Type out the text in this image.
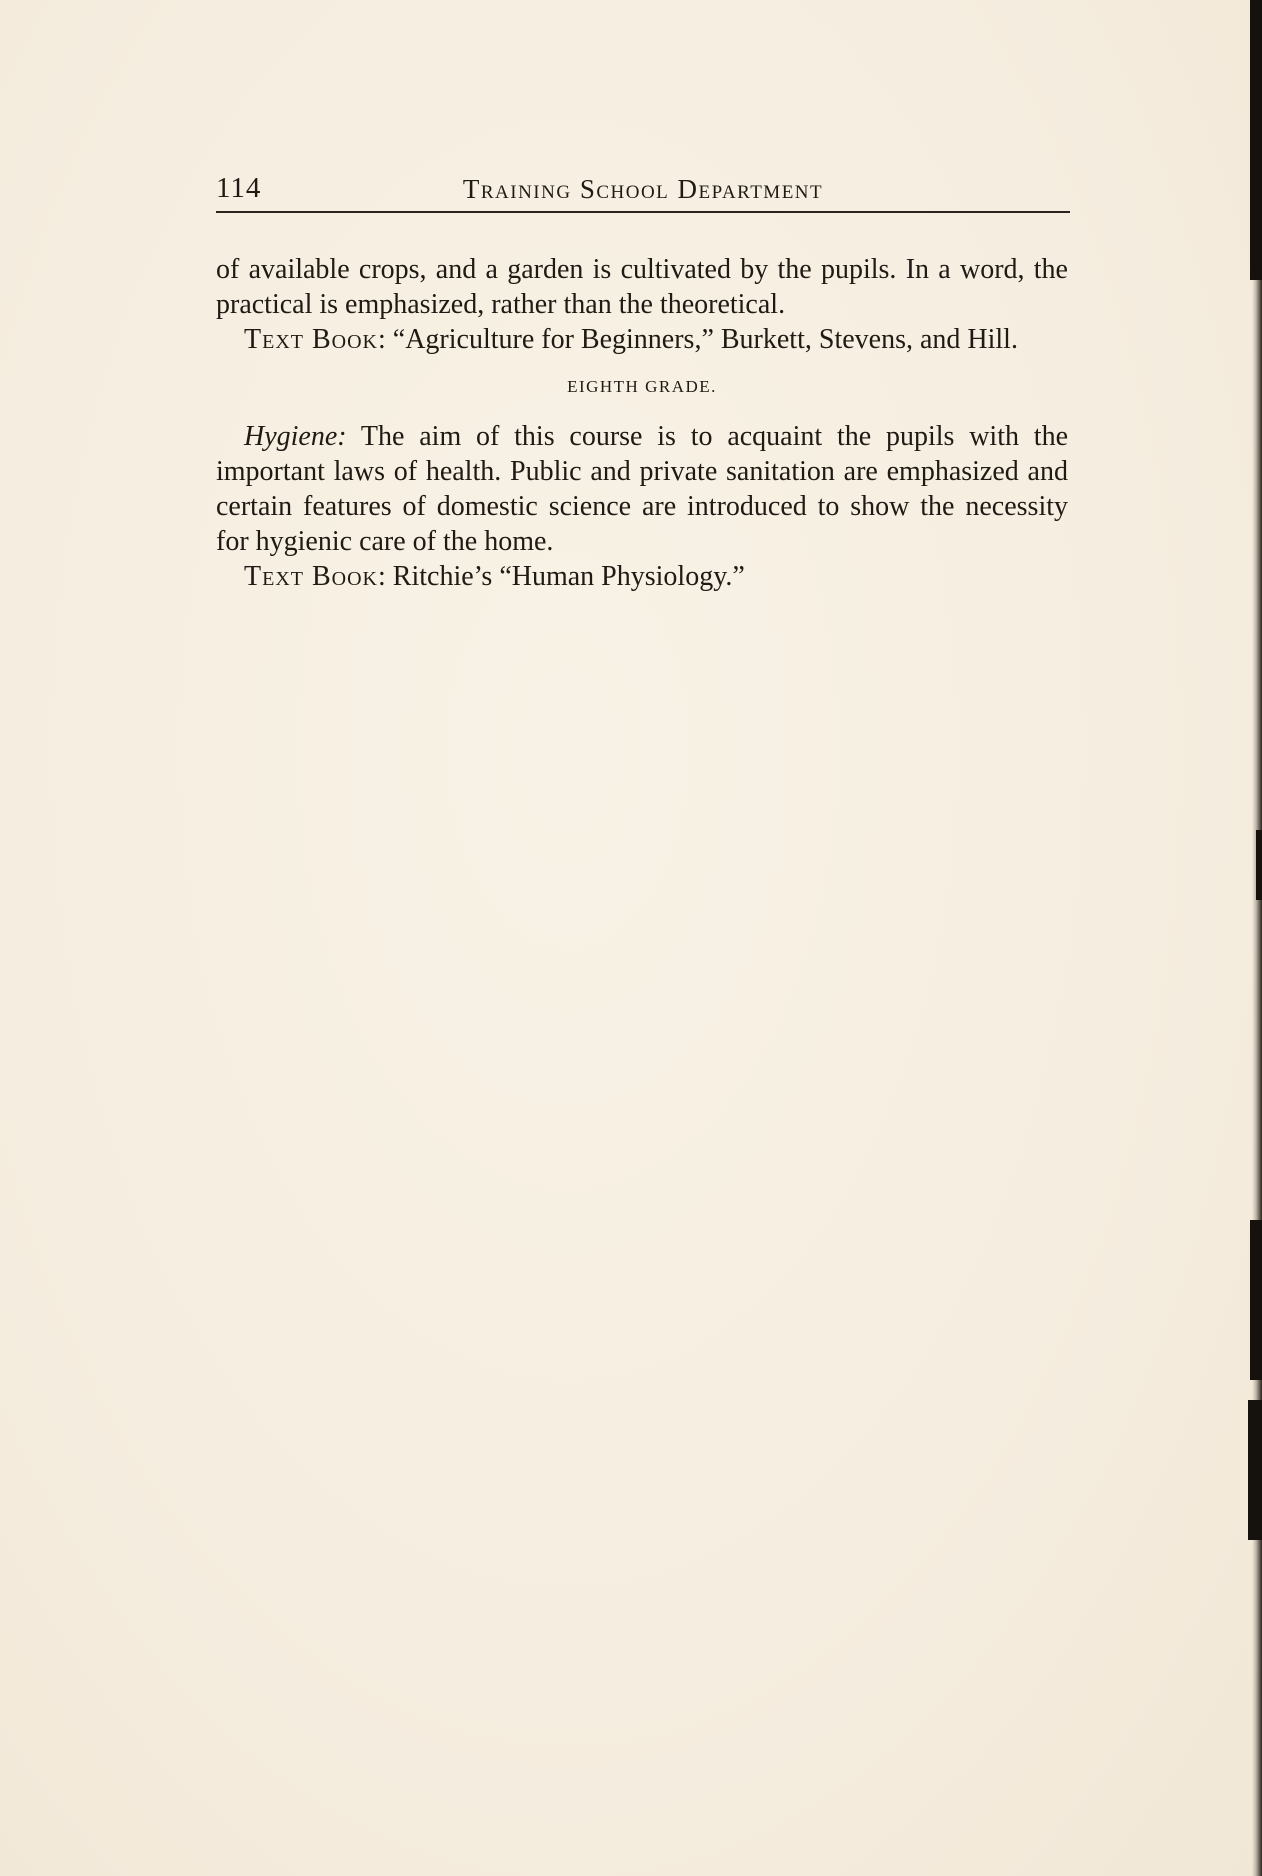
114	Training School Department

of available crops, and a garden is cultivated by the pupils. In a word, the practical is emphasized, rather than the theoretical.

Text Book: “Agriculture for Beginners,” Burkett, Stevens, and Hill.

EIGHTH GRADE.

Hygiene: The aim of this course is to acquaint the pupils with the important laws of health. Public and private sanitation are emphasized and certain features of domestic science are introduced to show the necessity for hygienic care of the home.

Text Book: Ritchie’s “Human Physiology.”
